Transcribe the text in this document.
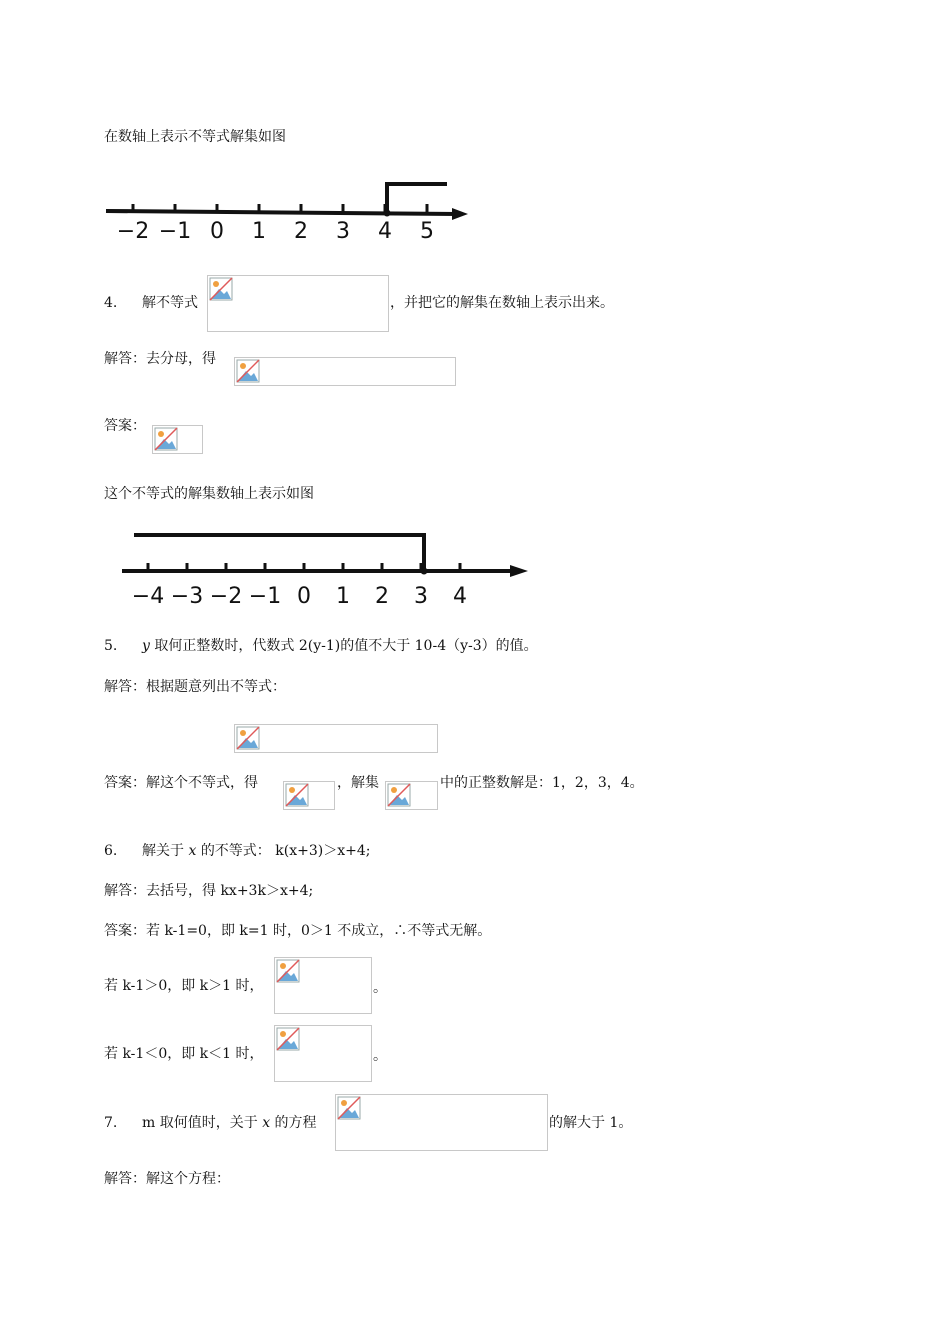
在数轴上表示不等式解集如图
−2 −1 0 1 2 3 4 5
4. 解不等式	，并把它的解集在数轴上表示出来。
解答：去分母，得
答案：
这个不等式的解集数轴上表示如图
−4 −3 −2 −1 0 1 2 3 4
5. y 取何正整数时，代数式 2(y-1)的值不大于 10-4（y-3）的值。
解答：根据题意列出不等式：
答案：解这个不等式，得	，解集	中的正整数解是：1，2，3，4。
6. 解关于 x 的不等式： k(x+3)＞x+4;
解答：去括号，得 kx+3k＞x+4;
答案：若 k-1=0，即 k=1 时，0＞1 不成立，∴不等式无解。
若 k-1＞0，即 k＞1 时，	。
若 k-1＜0，即 k＜1 时，	。
7. m 取何值时，关于 x 的方程	的解大于 1。
解答：解这个方程：
